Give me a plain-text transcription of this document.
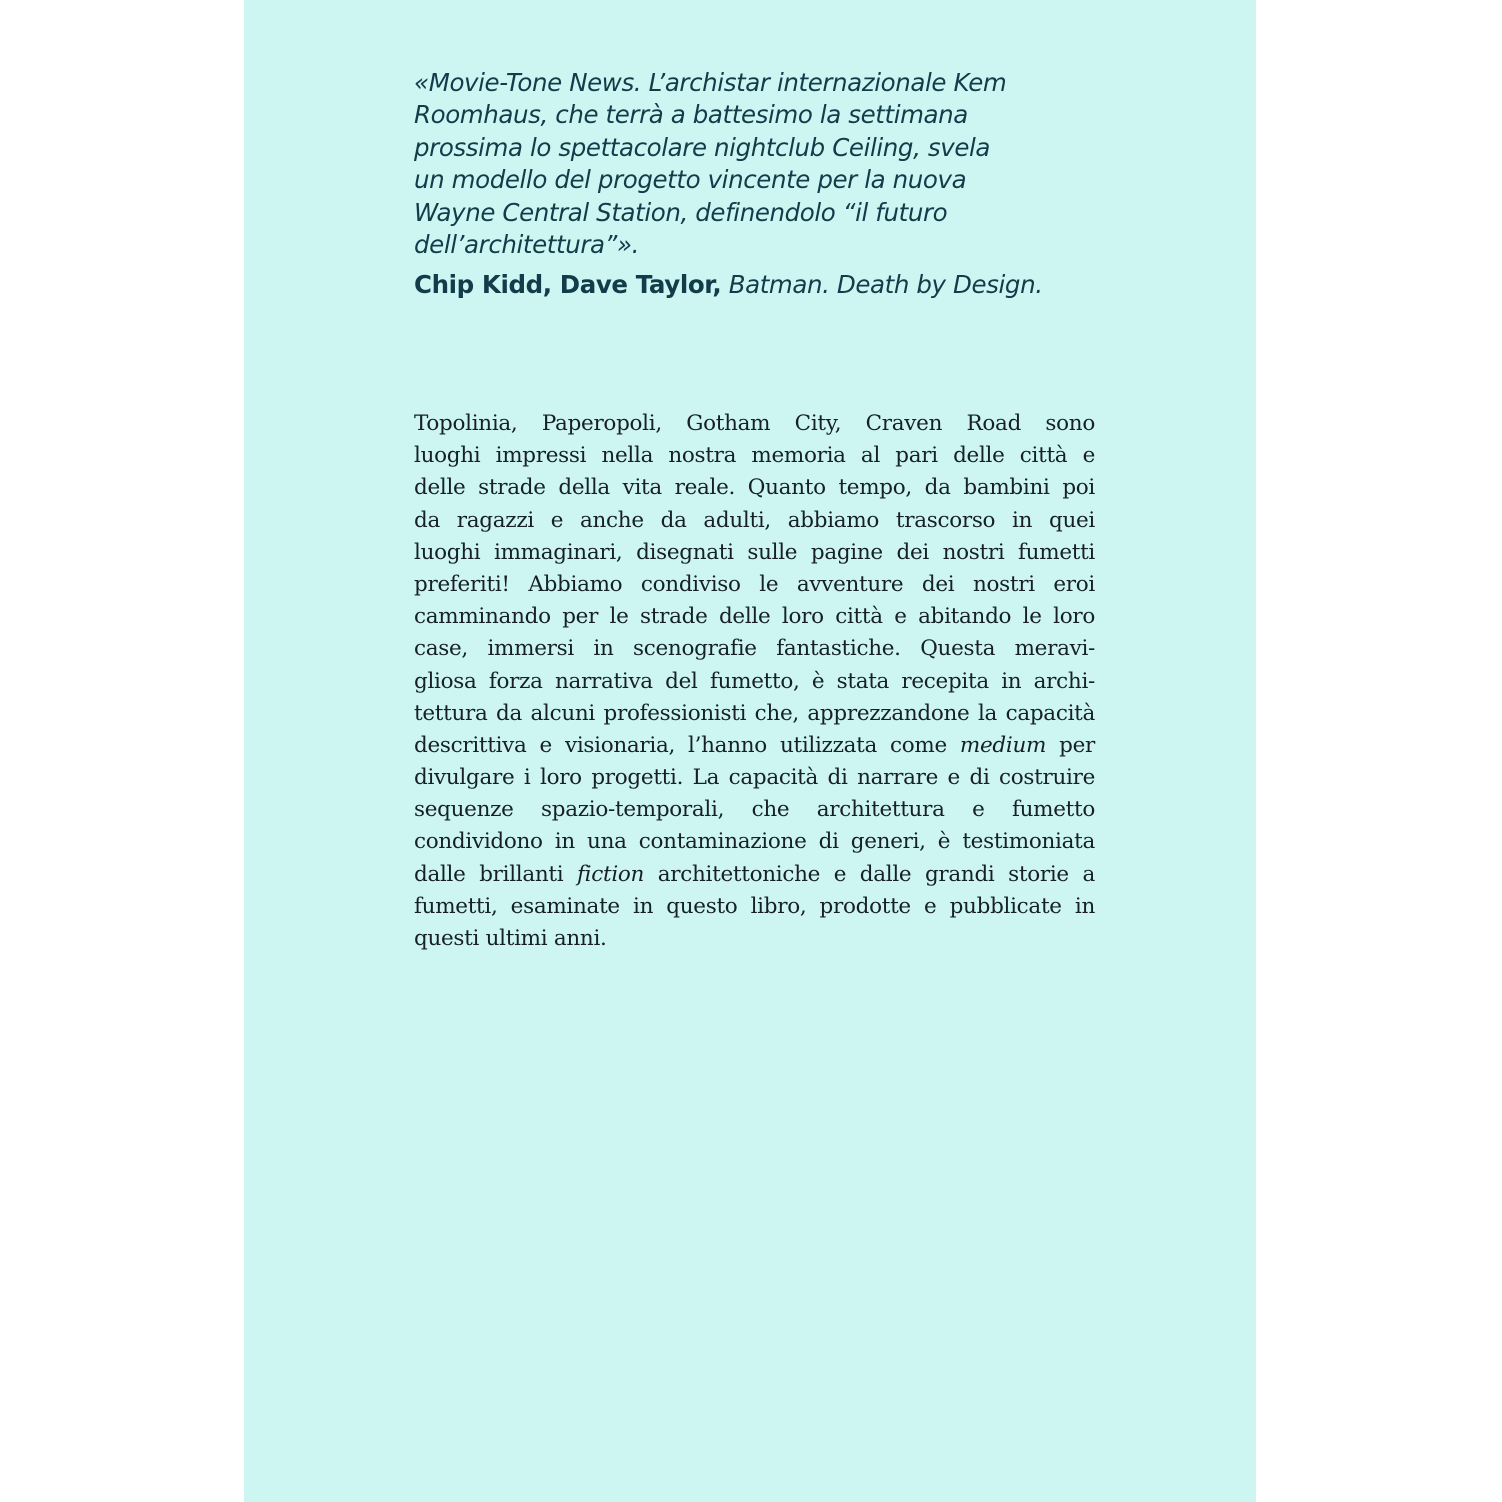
«Movie-Tone News. L’archistar internazionale Kem
Roomhaus, che terrà a battesimo la settimana
prossima lo spettacolare nightclub Ceiling, svela
un modello del progetto vincente per la nuova
Wayne Central Station, definendolo “il futuro
dell’architettura”».

Chip Kidd, Dave Taylor, Batman. Death by Design.

Topolinia, Paperopoli, Gotham City, Craven Road sono
luoghi impressi nella nostra memoria al pari delle città e
delle strade della vita reale. Quanto tempo, da bambini poi
da ragazzi e anche da adulti, abbiamo trascorso in quei
luoghi immaginari, disegnati sulle pagine dei nostri fumetti
preferiti! Abbiamo condiviso le avventure dei nostri eroi
camminando per le strade delle loro città e abitando le loro
case, immersi in scenografie fantastiche. Questa meravi-
gliosa forza narrativa del fumetto, è stata recepita in archi-
tettura da alcuni professionisti che, apprezzandone la capacità
descrittiva e visionaria, l’hanno utilizzata come medium per
divulgare i loro progetti. La capacità di narrare e di costruire
sequenze spazio-temporali, che architettura e fumetto
condividono in una contaminazione di generi, è testimoniata
dalle brillanti fiction architettoniche e dalle grandi storie a
fumetti, esaminate in questo libro, prodotte e pubblicate in
questi ultimi anni.
